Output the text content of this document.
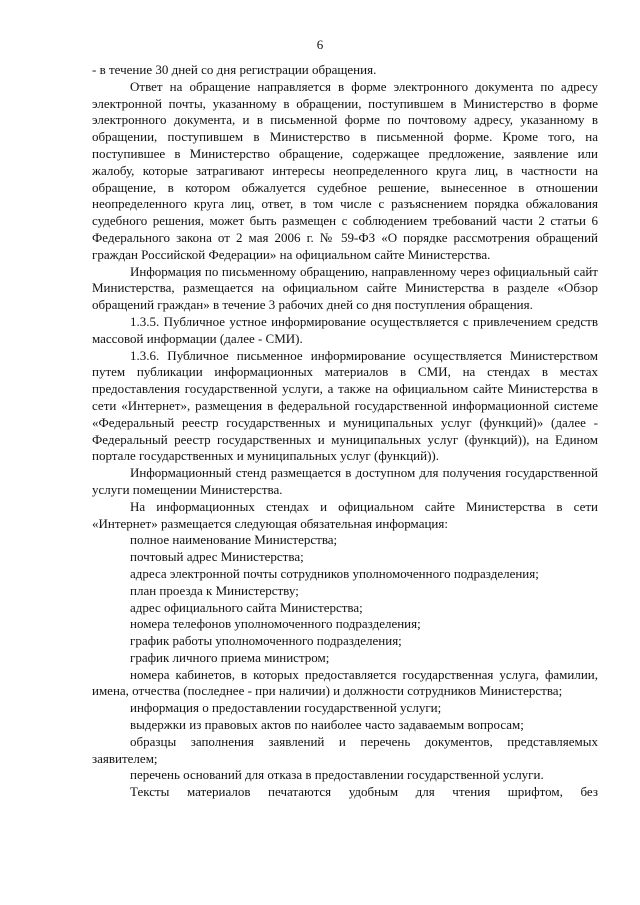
6

- в течение 30 дней со дня регистрации обращения.

Ответ на обращение направляется в форме электронного документа по адресу электронной почты, указанному в обращении, поступившем в Министерство в форме электронного документа, и в письменной форме по почтовому адресу, указанному в обращении, поступившем в Министерство в письменной форме. Кроме того, на поступившее в Министерство обращение, содержащее предложение, заявление или жалобу, которые затрагивают интересы неопределенного круга лиц, в частности на обращение, в котором обжалуется судебное решение, вынесенное в отношении неопределенного круга лиц, ответ, в том числе с разъяснением порядка обжалования судебного решения, может быть размещен с соблюдением требований части 2 статьи 6 Федерального закона от 2 мая 2006 г. № 59-ФЗ «О порядке рассмотрения обращений граждан Российской Федерации» на официальном сайте Министерства.

Информация по письменному обращению, направленному через официальный сайт Министерства, размещается на официальном сайте Министерства в разделе «Обзор обращений граждан» в течение 3 рабочих дней со дня поступления обращения.

1.3.5. Публичное устное информирование осуществляется с привлечением средств массовой информации (далее - СМИ).

1.3.6. Публичное письменное информирование осуществляется Министерством путем публикации информационных материалов в СМИ, на стендах в местах предоставления государственной услуги, а также на официальном сайте Министерства в сети «Интернет», размещения в федеральной государственной информационной системе «Федеральный реестр государственных и муниципальных услуг (функций)» (далее - Федеральный реестр государственных и муниципальных услуг (функций)), на Едином портале государственных и муниципальных услуг (функций)).

Информационный стенд размещается в доступном для получения государственной услуги помещении Министерства.

На информационных стендах и официальном сайте Министерства в сети «Интернет» размещается следующая обязательная информация:

полное наименование Министерства;

почтовый адрес Министерства;

адреса электронной почты сотрудников уполномоченного подразделения;

план проезда к Министерству;

адрес официального сайта Министерства;

номера телефонов уполномоченного подразделения;

график работы уполномоченного подразделения;

график личного приема министром;

номера кабинетов, в которых предоставляется государственная услуга, фамилии, имена, отчества (последнее - при наличии) и должности сотрудников Министерства;

информация о предоставлении государственной услуги;

выдержки из правовых актов по наиболее часто задаваемым вопросам;

образцы заполнения заявлений и перечень документов, представляемых заявителем;

перечень оснований для отказа в предоставлении государственной услуги.

Тексты материалов печатаются удобным для чтения шрифтом, без
